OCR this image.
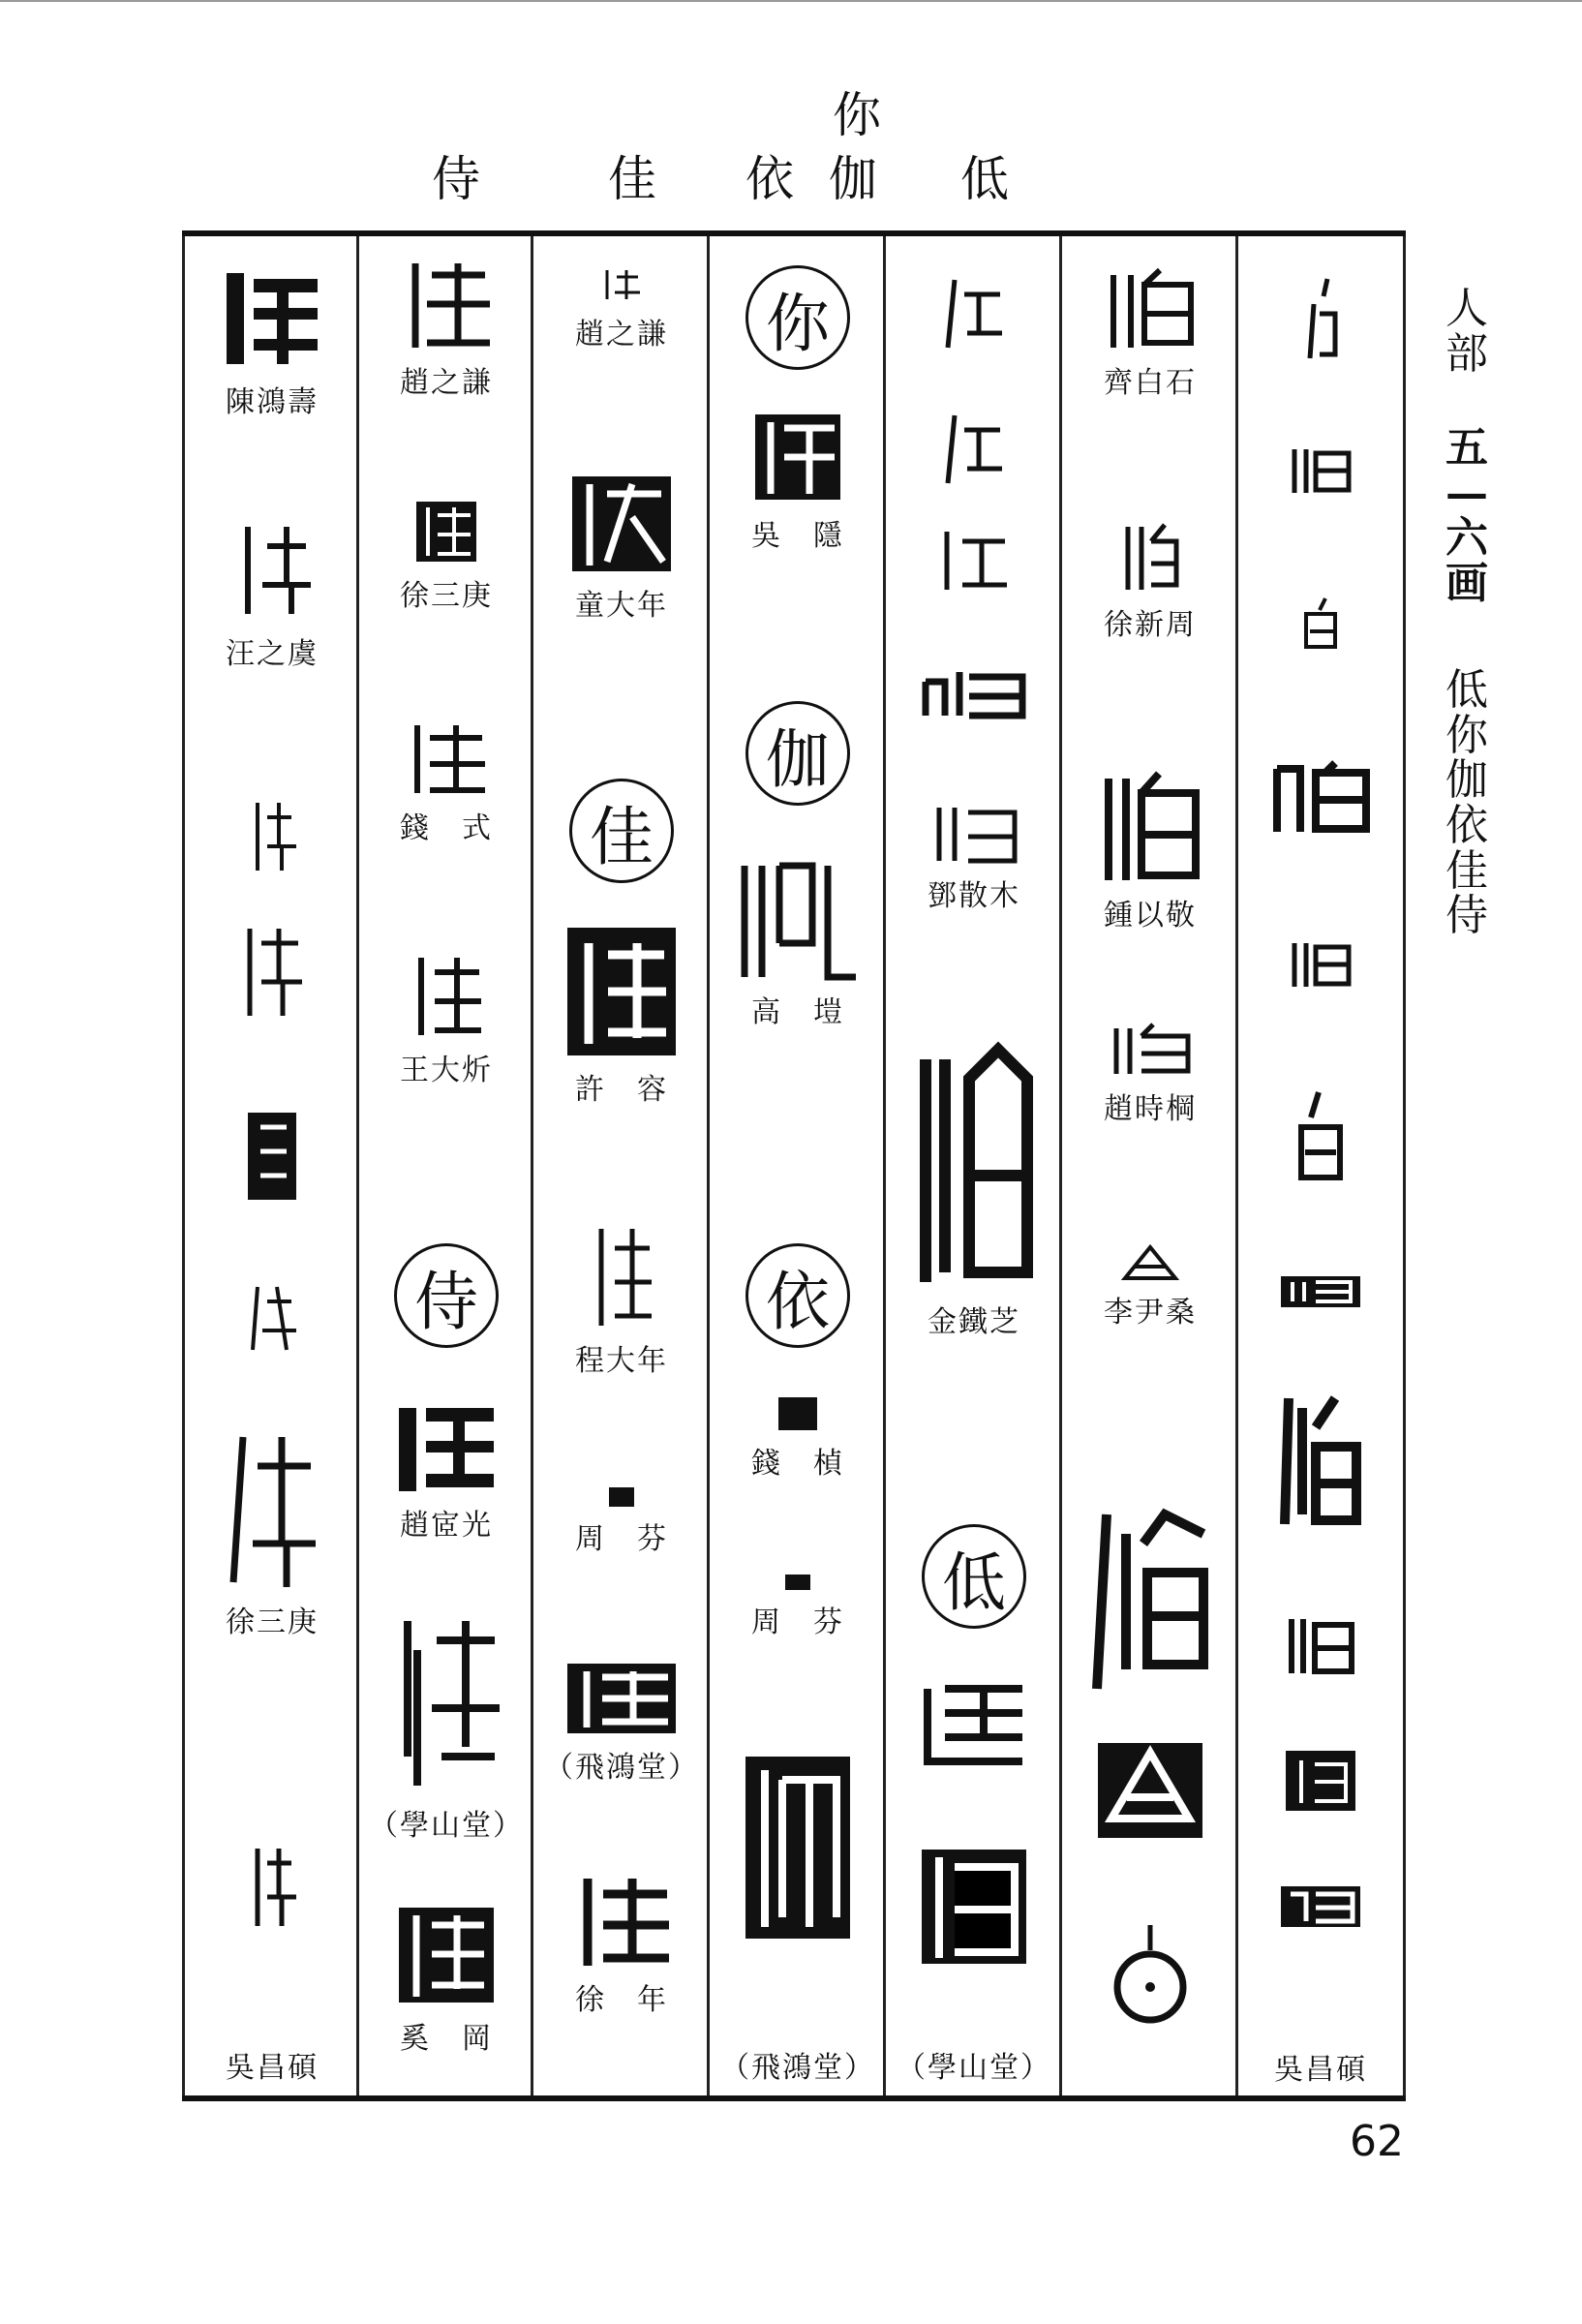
你
侍	佳 依 伽 低
陳鴻壽
汪之虞
徐三庚
吳昌碩
趙之謙
徐三庚
錢　式
王大炘
侍
趙宧光
（學山堂）
奚　岡
趙之謙
童大年
佳
許　容
程大年
周　芬
（飛鴻堂）
徐　年
你
吳　隱
伽
高　塏
依
錢　楨
周　芬
（飛鴻堂）
鄧散木
金鐵芝
低
（學山堂）
齊白石
徐新周
鍾以敬
趙時棡
李尹桑
吳昌碩
人
部
五
—
六
画
低
你
伽
依
佳
侍
62
